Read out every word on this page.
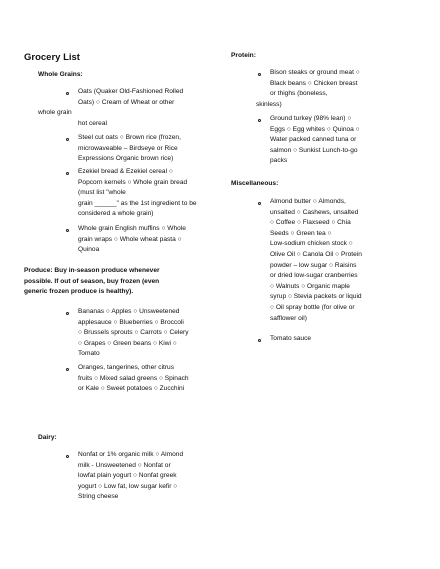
Grocery List
Whole Grains:
Oats (Quaker Old-Fashioned Rolled
Oats) ○ Cream of Wheat or other
whole grain
hot cereal
Steel cut oats ○ Brown rice (frozen,
microwaveable – Birdseye or Rice
Expressions Organic brown rice)
Ezekiel bread & Ezekiel cereal ○
Popcorn kernels ○ Whole grain bread
(must list "whole
grain ______" as the 1st ingredient to be
considered a whole grain)
Whole grain English muffins ○ Whole
grain wraps ○ Whole wheat pasta ○
Quinoa
Produce: Buy in-season produce whenever
possible. If out of season, buy frozen (even
generic frozen produce is healthy).
Bananas ○ Apples ○ Unsweetened
applesauce ○ Blueberries ○ Broccoli
○ Brussels sprouts ○ Carrots ○ Celery
○ Grapes ○ Green beans ○ Kiwi ○
Tomato
Oranges, tangerines, other citrus
fruits ○ Mixed salad greens ○ Spinach
or Kale ○ Sweet potatoes ○ Zucchini
Dairy:
Nonfat or 1% organic milk ○ Almond
milk - Unsweetened ○ Nonfat or
lowfat plain yogurt ○ Nonfat greek
yogurt ○ Low fat, low sugar kefir ○
String cheese
Protein:
Bison steaks or ground meat ○
Black beans ○ Chicken breast
or thighs (boneless,
skinless)
Ground turkey (98% lean) ○
Eggs ○ Egg whites ○ Quinoa ○
Water packed canned tuna or
salmon ○ Sunkist Lunch-to-go
packs
Miscellaneous:
Almond butter ○ Almonds,
unsalted ○ Cashews, unsalted
○ Coffee ○ Flaxseed ○ Chia
Seeds ○ Green tea ○
Low-sodium chicken stock ○
Olive Oil ○ Canola Oil ○ Protein
powder – low sugar ○ Raisins
or dried low-sugar cranberries
○ Walnuts ○ Organic maple
syrup ○ Stevia packets or liquid
○ Oil spray bottle (for olive or
safflower oil)
Tomato sauce
